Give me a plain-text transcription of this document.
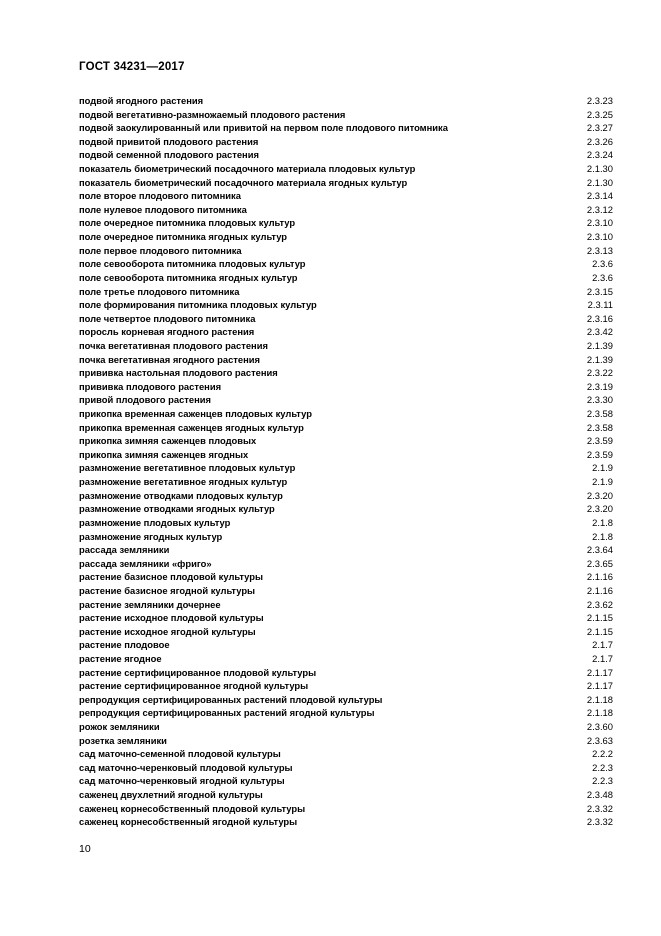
ГОСТ 34231—2017
подвой ягодного растения	2.3.23
подвой вегетативно-размножаемый плодового растения	2.3.25
подвой заокулированный или привитой на первом поле плодового питомника	2.3.27
подвой привитой плодового растения	2.3.26
подвой семенной плодового растения	2.3.24
показатель биометрический посадочного материала плодовых культур	2.1.30
показатель биометрический посадочного материала ягодных культур	2.1.30
поле второе плодового питомника	2.3.14
поле нулевое плодового питомника	2.3.12
поле очередное питомника плодовых культур	2.3.10
поле очередное питомника ягодных культур	2.3.10
поле первое плодового питомника	2.3.13
поле севооборота питомника плодовых культур	2.3.6
поле севооборота питомника ягодных культур	2.3.6
поле третье плодового питомника	2.3.15
поле формирования питомника плодовых культур	2.3.11
поле четвертое плодового питомника	2.3.16
поросль корневая ягодного растения	2.3.42
почка вегетативная плодового растения	2.1.39
почка вегетативная ягодного растения	2.1.39
прививка настольная плодового растения	2.3.22
прививка плодового растения	2.3.19
привой плодового растения	2.3.30
прикопка временная саженцев плодовых культур	2.3.58
прикопка временная саженцев ягодных культур	2.3.58
прикопка зимняя саженцев плодовых	2.3.59
прикопка зимняя саженцев ягодных	2.3.59
размножение вегетативное плодовых культур	2.1.9
размножение вегетативное ягодных культур	2.1.9
размножение отводками плодовых культур	2.3.20
размножение отводками ягодных культур	2.3.20
размножение плодовых культур	2.1.8
размножение ягодных культур	2.1.8
рассада земляники	2.3.64
рассада земляники «фриго»	2.3.65
растение базисное плодовой культуры	2.1.16
растение базисное ягодной культуры	2.1.16
растение земляники дочернее	2.3.62
растение исходное плодовой культуры	2.1.15
растение исходное ягодной культуры	2.1.15
растение плодовое	2.1.7
растение ягодное	2.1.7
растение сертифицированное плодовой культуры	2.1.17
растение сертифицированное ягодной культуры	2.1.17
репродукция сертифицированных растений плодовой культуры	2.1.18
репродукция сертифицированных растений ягодной культуры	2.1.18
рожок земляники	2.3.60
розетка земляники	2.3.63
сад маточно-семенной плодовой культуры	2.2.2
сад маточно-черенковый плодовой культуры	2.2.3
сад маточно-черенковый ягодной культуры	2.2.3
саженец двухлетний ягодной культуры	2.3.48
саженец корнесобственный плодовой культуры	2.3.32
саженец корнесобственный ягодной культуры	2.3.32
10
